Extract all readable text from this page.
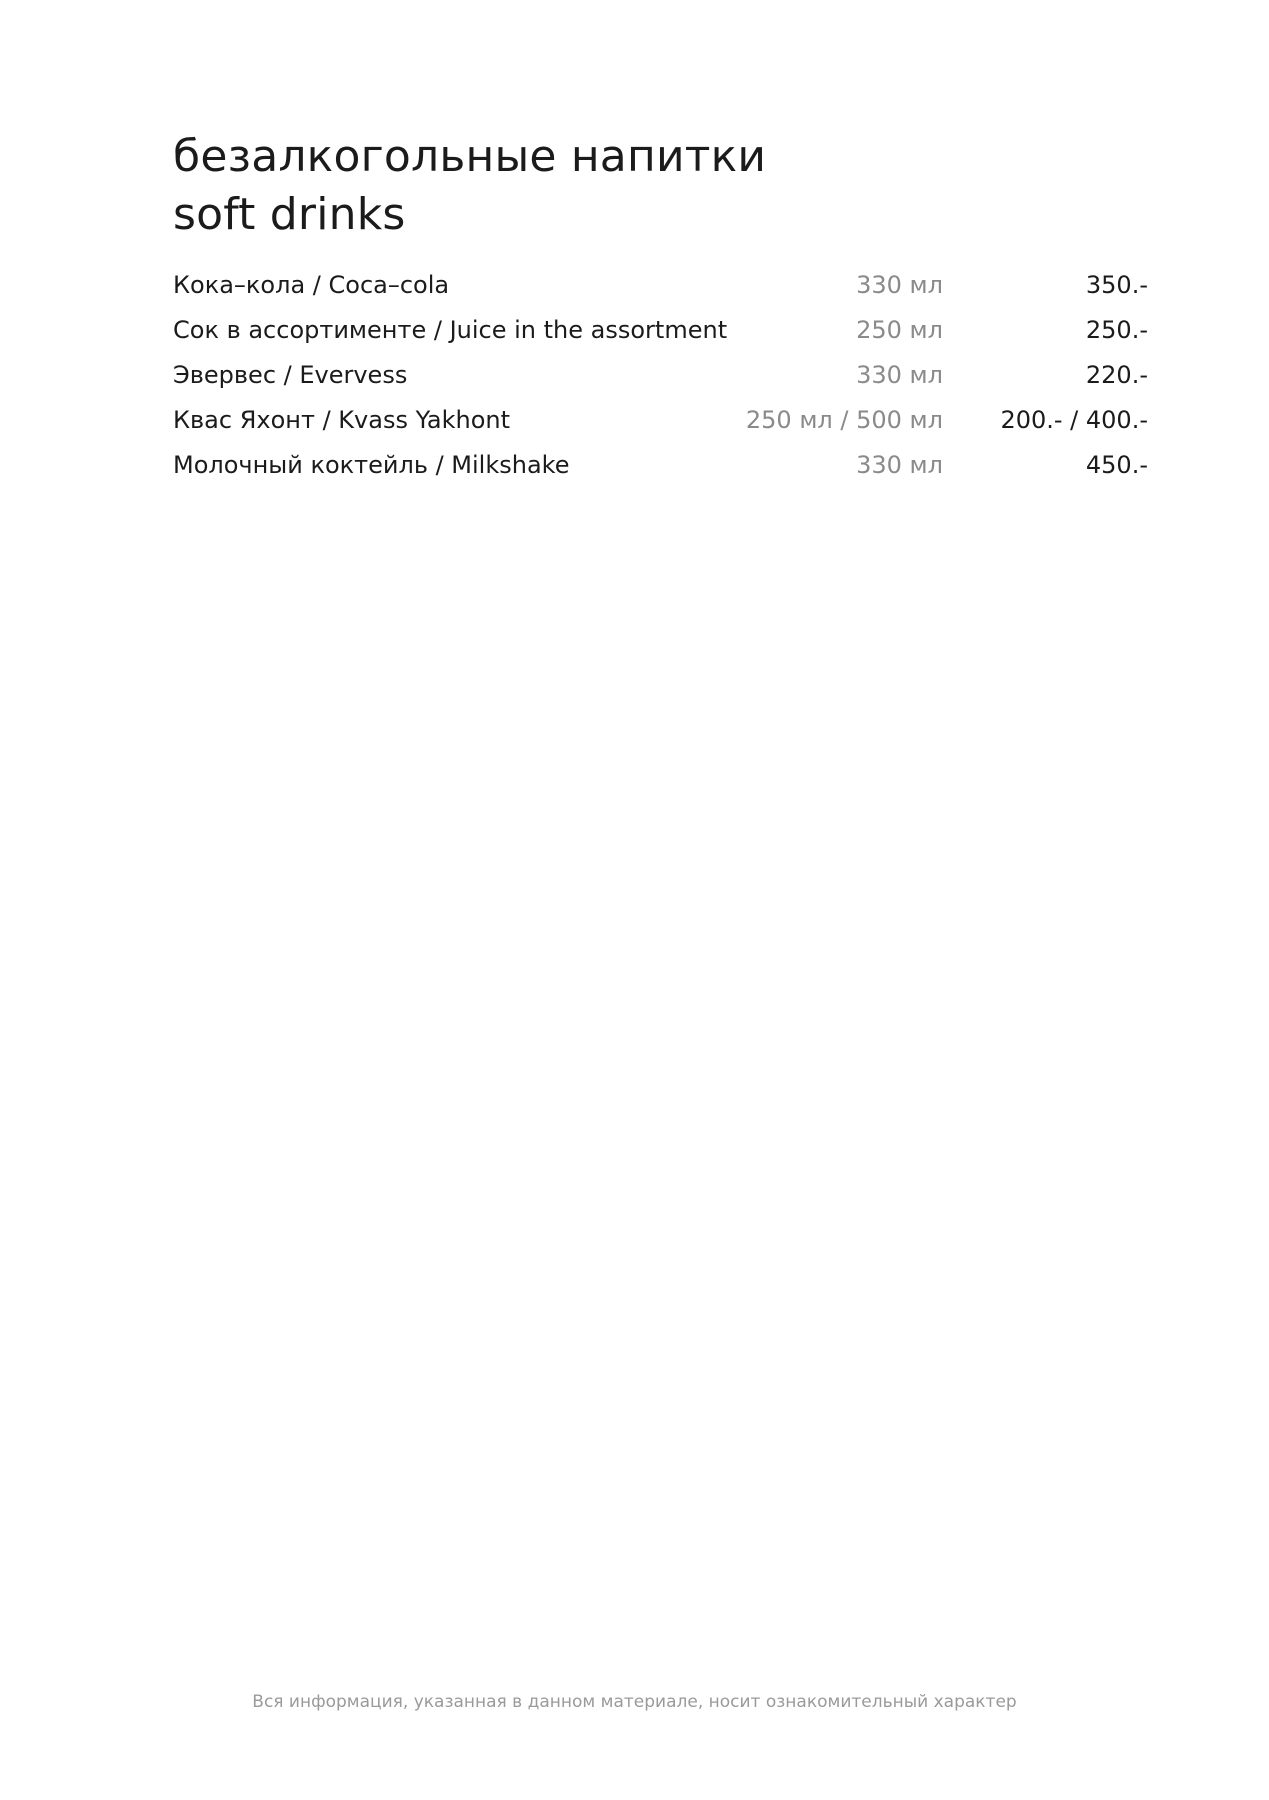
безалкогольные напитки
soft drinks
Кока–кола / Coca–cola	330 мл	350.-
Сок в ассортименте / Juice in the assortment	250 мл	250.-
Эвервес / Evervess	330 мл	220.-
Квас Яхонт / Kvass Yakhont	250 мл / 500 мл 200.- / 400.-
Молочный коктейль / Milkshake	330 мл	450.-
Вся информация, указанная в данном материале, носит ознакомительный характер
